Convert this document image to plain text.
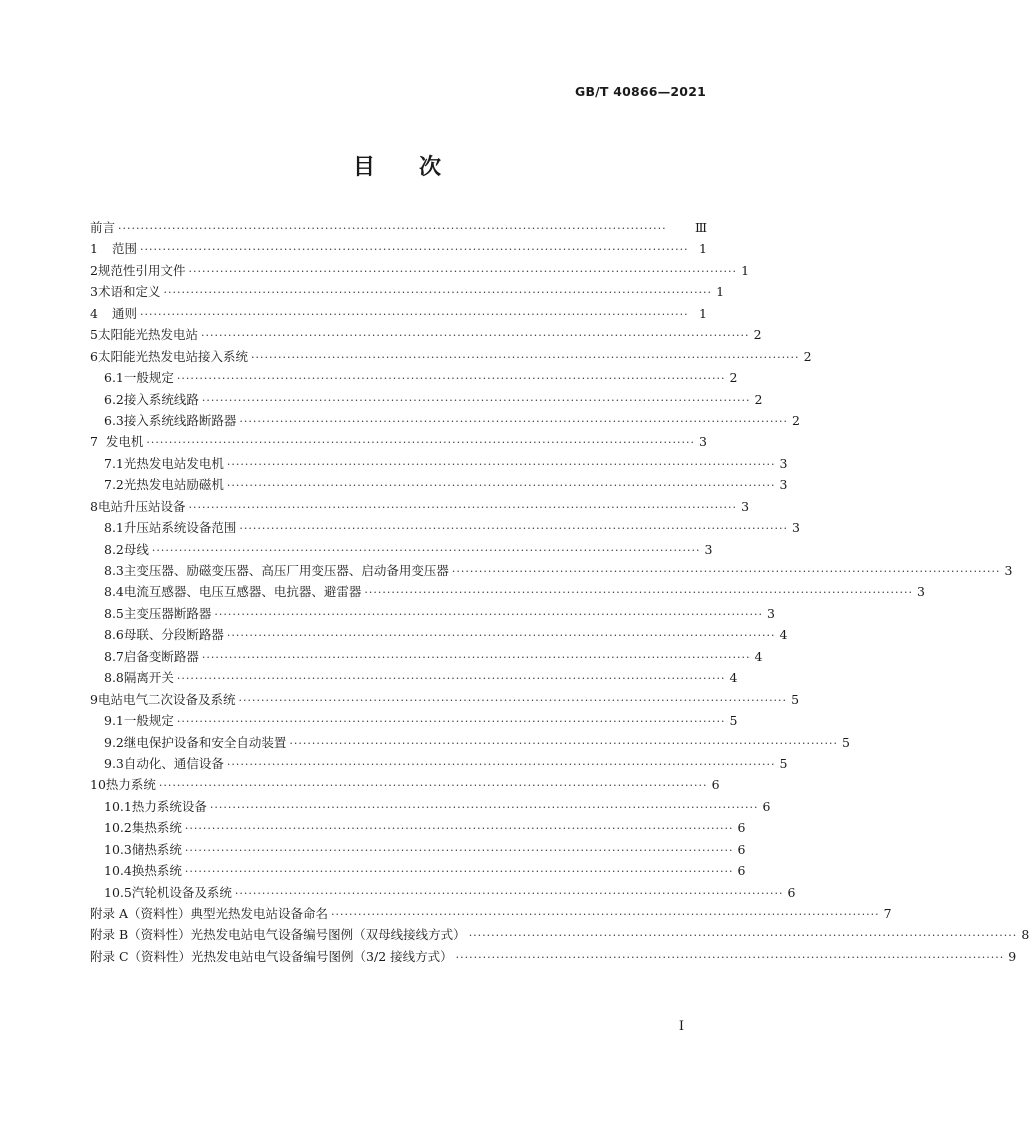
GB/T 40866—2021
目 次
前言 ··························································································································	Ⅲ
1	范围 ·························································································································· 1
2 规范性引用文件 ·························································································································· 1
3 术语和定义 ·························································································································· 1
4	通则 ·························································································································· 1
5 太阳能光热发电站 ·························································································································· 2
6 太阳能光热发电站接入系统 ·························································································································· 2
6.1 一般规定 ·························································································································· 2
6.2 接入系统线路 ·························································································································· 2
6.3 接入系统线路断路器 ·························································································································· 2
7 发电机 ·························································································································· 3
7.1 光热发电站发电机 ·························································································································· 3
7.2 光热发电站励磁机 ·························································································································· 3
8 电站升压站设备 ·························································································································· 3
8.1 升压站系统设备范围 ·························································································································· 3
8.2 母线 ·························································································································· 3
8.3 主变压器、励磁变压器、高压厂用变压器、启动备用变压器 ·························································································································· 3
8.4 电流互感器、电压互感器、电抗器、避雷器 ·························································································································· 3
8.5 主变压器断路器 ·························································································································· 3
8.6 母联、分段断路器 ·························································································································· 4
8.7 启备变断路器 ·························································································································· 4
8.8 隔离开关 ·························································································································· 4
9 电站电气二次设备及系统 ·························································································································· 5
9.1 一般规定 ·························································································································· 5
9.2 继电保护设备和安全自动装置 ·························································································································· 5
9.3 自动化、通信设备 ·························································································································· 5
10 热力系统 ·························································································································· 6
10.1 热力系统设备 ·························································································································· 6
10.2 集热系统 ·························································································································· 6
10.3 储热系统 ·························································································································· 6
10.4 换热系统 ·························································································································· 6
10.5 汽轮机设备及系统 ·························································································································· 6
附录 A（资料性） 典型光热发电站设备命名 ·························································································································· 7
附录 B（资料性） 光热发电站电气设备编号图例（双母线接线方式） ·························································································································· 8
附录 C（资料性） 光热发电站电气设备编号图例（3/2 接线方式） ·························································································································· 9
I
